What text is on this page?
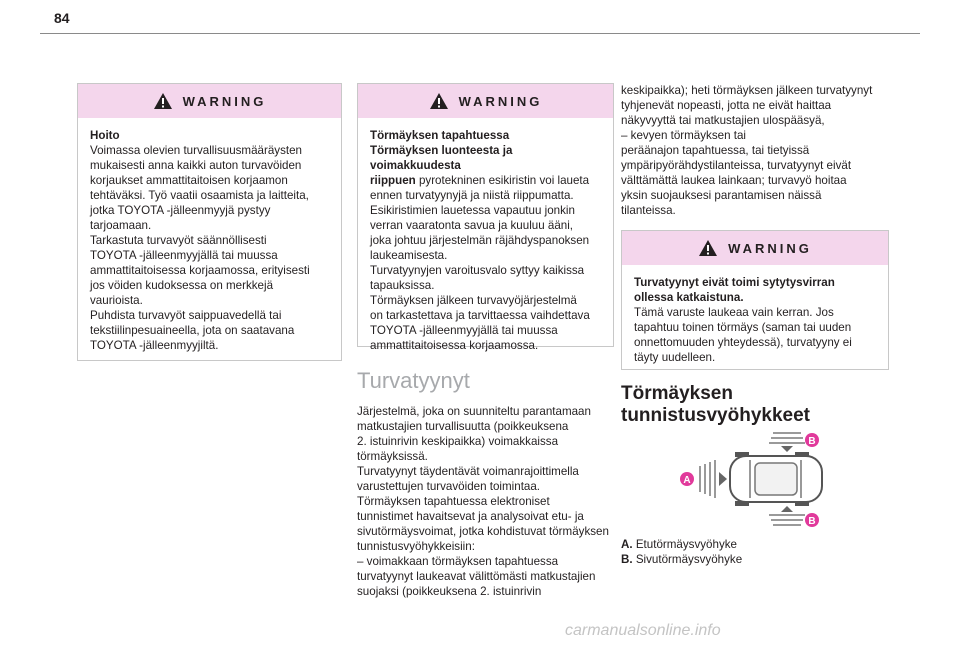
84
WARNING

Hoito

Voimassa olevien turvallisuusmääräysten

mukaisesti anna kaikki auton turvavöiden

korjaukset ammattitaitoisen korjaamon

tehtäväksi. Työ vaatii osaamista ja laitteita,

jotka TOYOTA -jälleenmyyjä pystyy

tarjoamaan.

Tarkastuta turvavyöt säännöllisesti

TOYOTA -jälleenmyyjällä tai muussa

ammattitaitoisessa korjaamossa, erityisesti

jos vöiden kudoksessa on merkkejä

vaurioista.

Puhdista turvavyöt saippuavedellä tai

tekstiilinpesuaineella, jota on saatavana

TOYOTA -jälleenmyyjiltä.

WARNING

Törmäyksen tapahtuessa

Törmäyksen luonteesta ja voimakkuudesta

riippuen pyrotekninen esikiristin voi laueta

ennen turvatyynyjä ja niistä riippumatta.

Esikiristimien lauetessa vapautuu jonkin

verran vaaratonta savua ja kuuluu ääni,

joka johtuu järjestelmän räjähdyspanoksen

laukeamisesta.

Turvatyynyjen varoitusvalo syttyy kaikissa

tapauksissa.

Törmäyksen jälkeen turvavyöjärjestelmä

on tarkastettava ja tarvittaessa vaihdettava

TOYOTA -jälleenmyyjällä tai muussa

ammattitaitoisessa korjaamossa.

Turvatyynyt

Järjestelmä, joka on suunniteltu parantamaan

matkustajien turvallisuutta (poikkeuksena

2. istuinrivin keskipaikka) voimakkaissa

törmäyksissä.

Turvatyynyt täydentävät voimanrajoittimella

varustettujen turvavöiden toimintaa.

Törmäyksen tapahtuessa elektroniset

tunnistimet havaitsevat ja analysoivat etu- ja

sivutörmäysvoimat, jotka kohdistuvat törmäyksen

tunnistusvyöhykkeisiin:

– voimakkaan törmäyksen tapahtuessa

turvatyynyt laukeavat välittömästi matkustajien

suojaksi (poikkeuksena 2. istuinrivin

keskipaikka); heti törmäyksen jälkeen turvatyynyt

tyhjenevät nopeasti, jotta ne eivät haittaa

näkyvyyttä tai matkustajien ulospääsyä,

– kevyen törmäyksen tai

peräänajon tapahtuessa, tai tietyissä

ympäripyörähdystilanteissa, turvatyynyt eivät

välttämättä laukea lainkaan; turvavyö hoitaa

yksin suojauksesi parantamisen näissä

tilanteissa.

WARNING

Turvatyynyt eivät toimi sytytysvirran

ollessa katkaistuna.

Tämä varuste laukeaa vain kerran. Jos

tapahtuu toinen törmäys (saman tai uuden

onnettomuuden yhteydessä), turvatyyny ei

täyty uudelleen.

Törmäyksen
tunnistusvyöhykkeet
A
B
B
A. Etutörmäysvyöhyke
B. Sivutörmäysvyöhyke
carmanualsonline.info
